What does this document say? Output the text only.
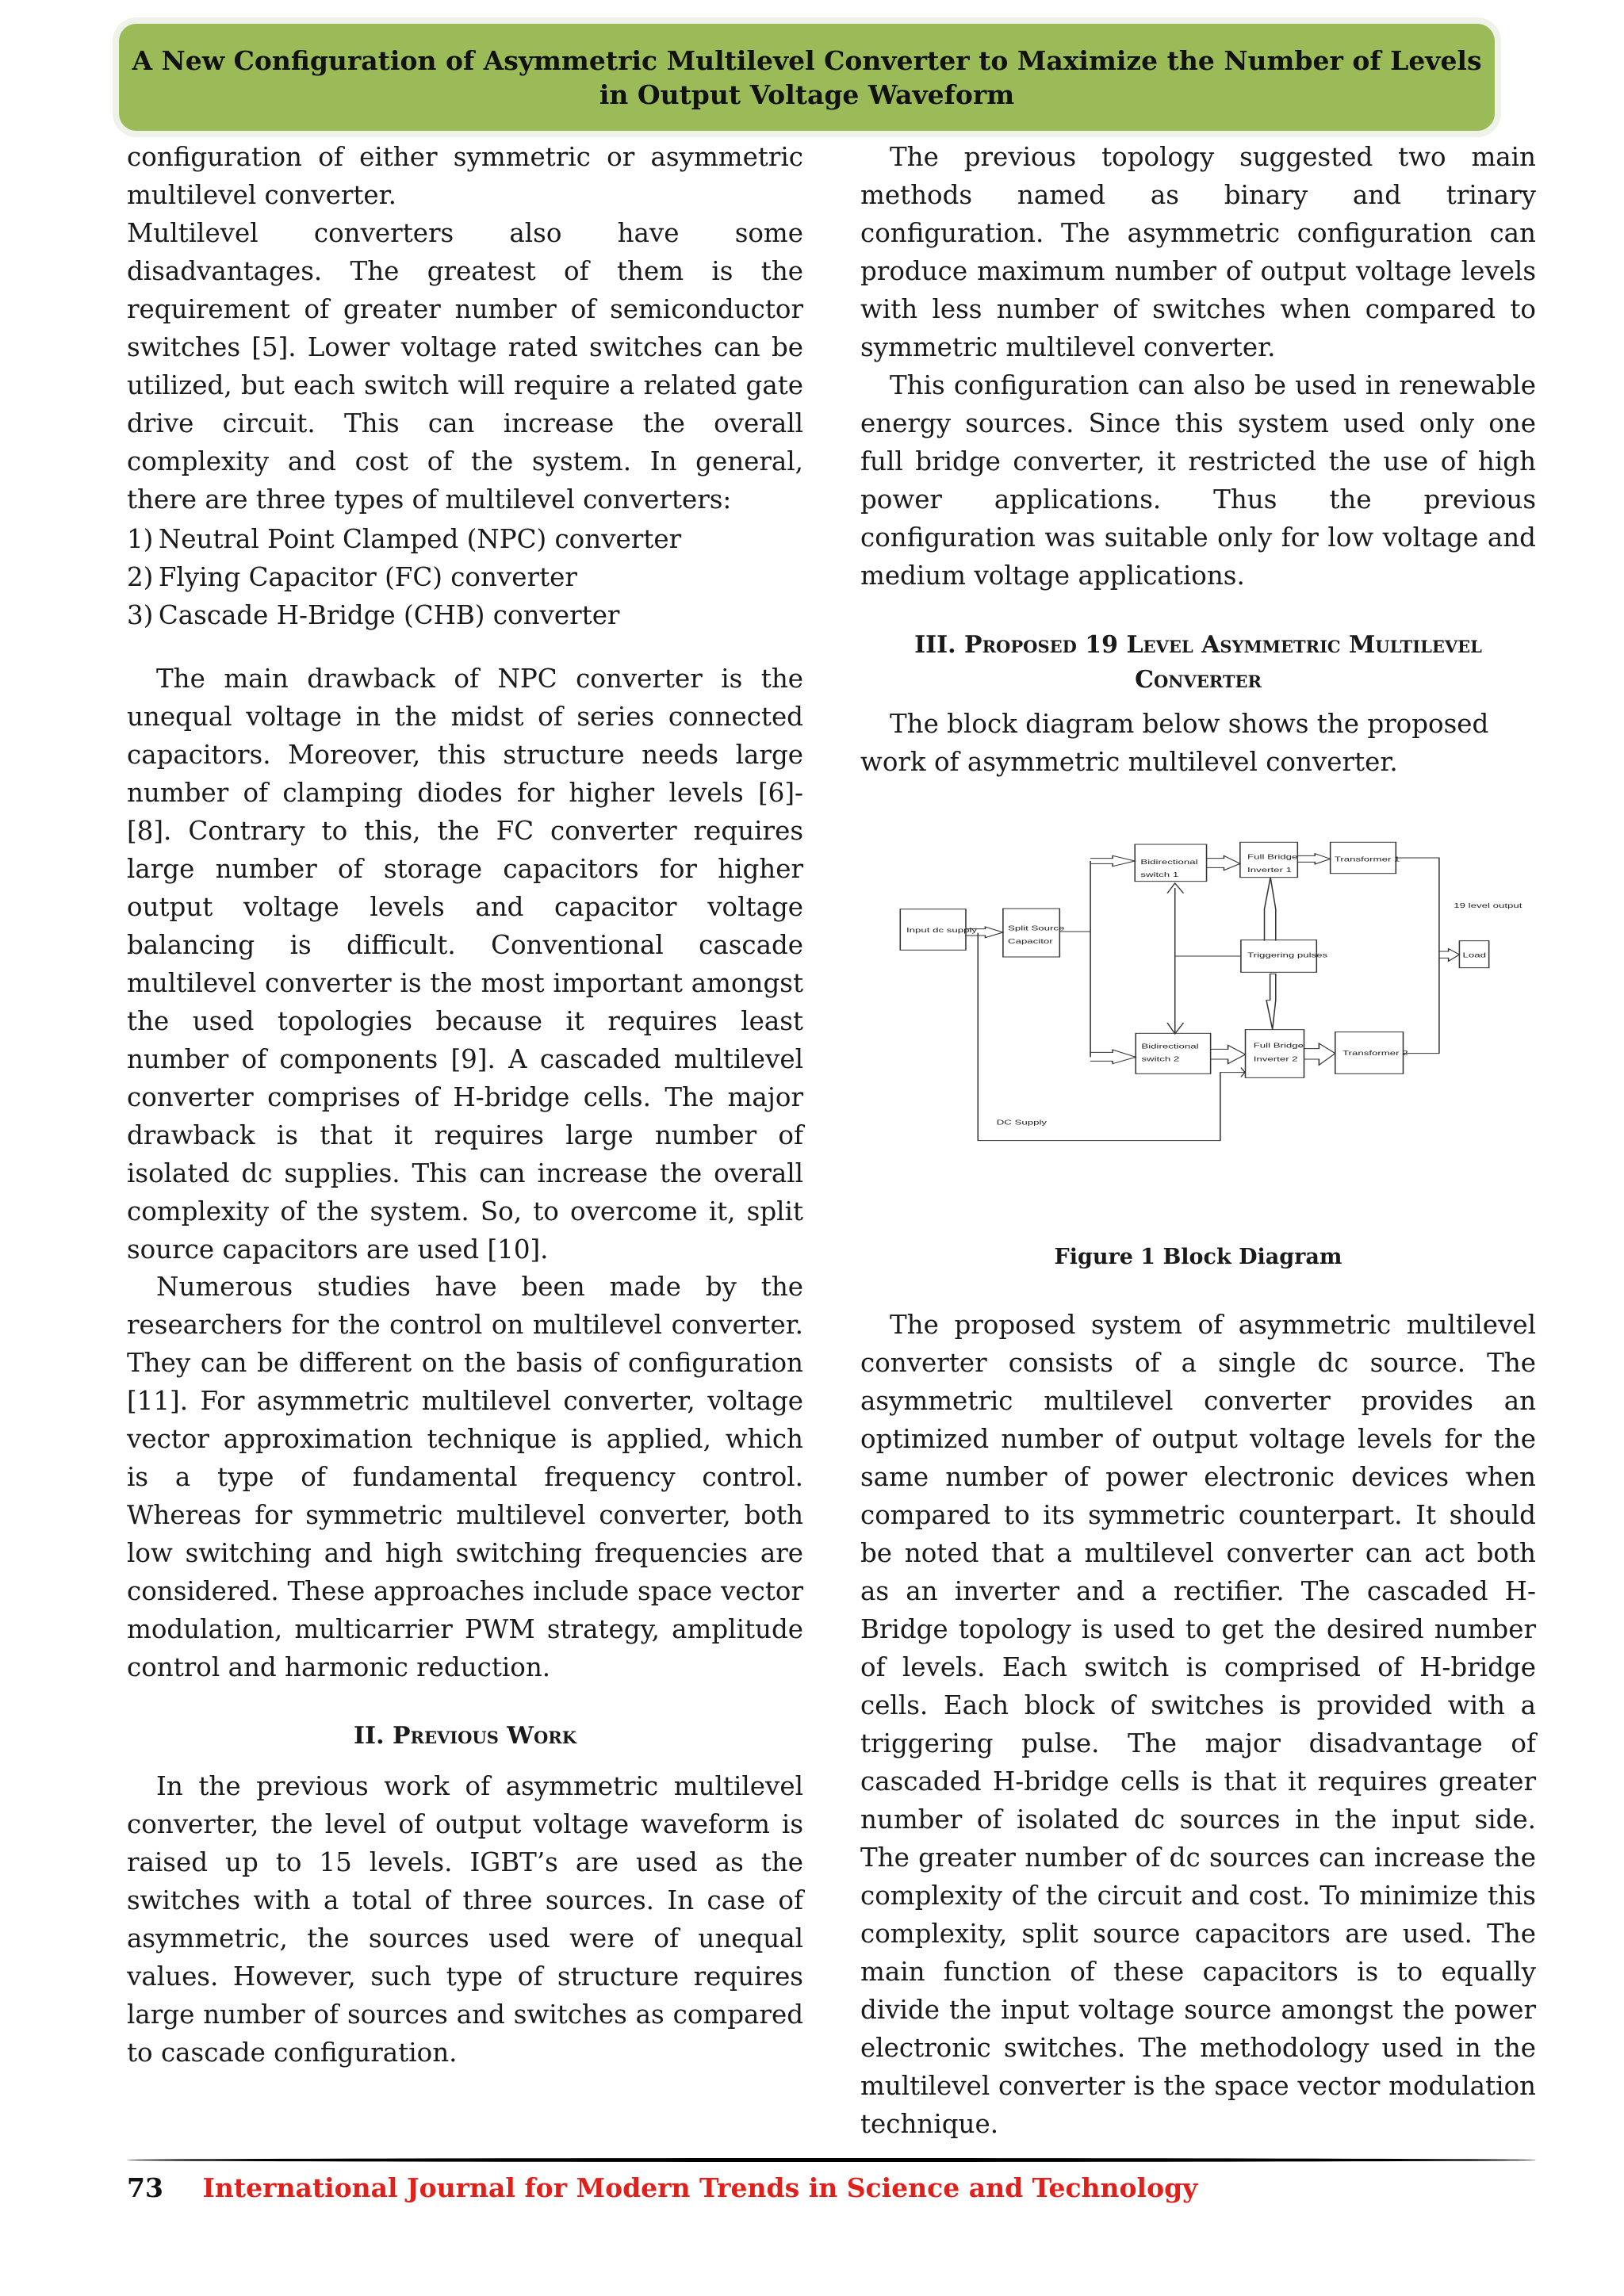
A New Configuration of Asymmetric Multilevel Converter to Maximize the Number of Levels in Output Voltage Waveform

configuration of either symmetric or asymmetric multilevel converter.

Multilevel converters also have some disadvantages. The greatest of them is the requirement of greater number of semiconductor switches [5]. Lower voltage rated switches can be utilized, but each switch will require a related gate drive circuit. This can increase the overall complexity and cost of the system. In general, there are three types of multilevel converters:

1) Neutral Point Clamped (NPC) converter

2) Flying Capacitor (FC) converter

3) Cascade H-Bridge (CHB) converter

The main drawback of NPC converter is the unequal voltage in the midst of series connected capacitors. Moreover, this structure needs large number of clamping diodes for higher levels [6]-[8]. Contrary to this, the FC converter requires large number of storage capacitors for higher output voltage levels and capacitor voltage balancing is difficult. Conventional cascade multilevel converter is the most important amongst the used topologies because it requires least number of components [9]. A cascaded multilevel converter comprises of H-bridge cells. The major drawback is that it requires large number of isolated dc supplies. This can increase the overall complexity of the system. So, to overcome it, split source capacitors are used [10].
Numerous studies have been made by the researchers for the control on multilevel converter. They can be different on the basis of configuration [11]. For asymmetric multilevel converter, voltage vector approximation technique is applied, which is a type of fundamental frequency control. Whereas for symmetric multilevel converter, both low switching and high switching frequencies are considered. These approaches include space vector modulation, multicarrier PWM strategy, amplitude control and harmonic reduction.
II. Previous Work
In the previous work of asymmetric multilevel converter, the level of output voltage waveform is raised up to 15 levels. IGBT’s are used as the switches with a total of three sources. In case of asymmetric, the sources used were of unequal values. However, such type of structure requires large number of sources and switches as compared to cascade configuration.
The previous topology suggested two main methods named as binary and trinary configuration. The asymmetric configuration can produce maximum number of output voltage levels with less number of switches when compared to symmetric multilevel converter.
This configuration can also be used in renewable energy sources. Since this system used only one full bridge converter, it restricted the use of high power applications. Thus the previous configuration was suitable only for low voltage and medium voltage applications.
III. Proposed 19 Level Asymmetric Multilevel Converter
The block diagram below shows the proposed work of asymmetric multilevel converter.
Input dc supply Split Source
Capacitor
Bidirectional
switch 1
Full Bridge
Inverter 1
Transformer 1
Triggering pulses
Bidirectional
switch 2
Full Bridge
Inverter 2
Transformer 2
19 level output
Load
DC Supply
Figure 1 Block Diagram
The proposed system of asymmetric multilevel converter consists of a single dc source. The asymmetric multilevel converter provides an optimized number of output voltage levels for the same number of power electronic devices when compared to its symmetric counterpart. It should be noted that a multilevel converter can act both as an inverter and a rectifier. The cascaded H-Bridge topology is used to get the desired number of levels. Each switch is comprised of H-bridge cells. Each block of switches is provided with a triggering pulse. The major disadvantage of cascaded H-bridge cells is that it requires greater number of isolated dc sources in the input side. The greater number of dc sources can increase the complexity of the circuit and cost. To minimize this complexity, split source capacitors are used. The main function of these capacitors is to equally divide the input voltage source amongst the power electronic switches. The methodology used in the multilevel converter is the space vector modulation technique.
73 International Journal for Modern Trends in Science and Technology
